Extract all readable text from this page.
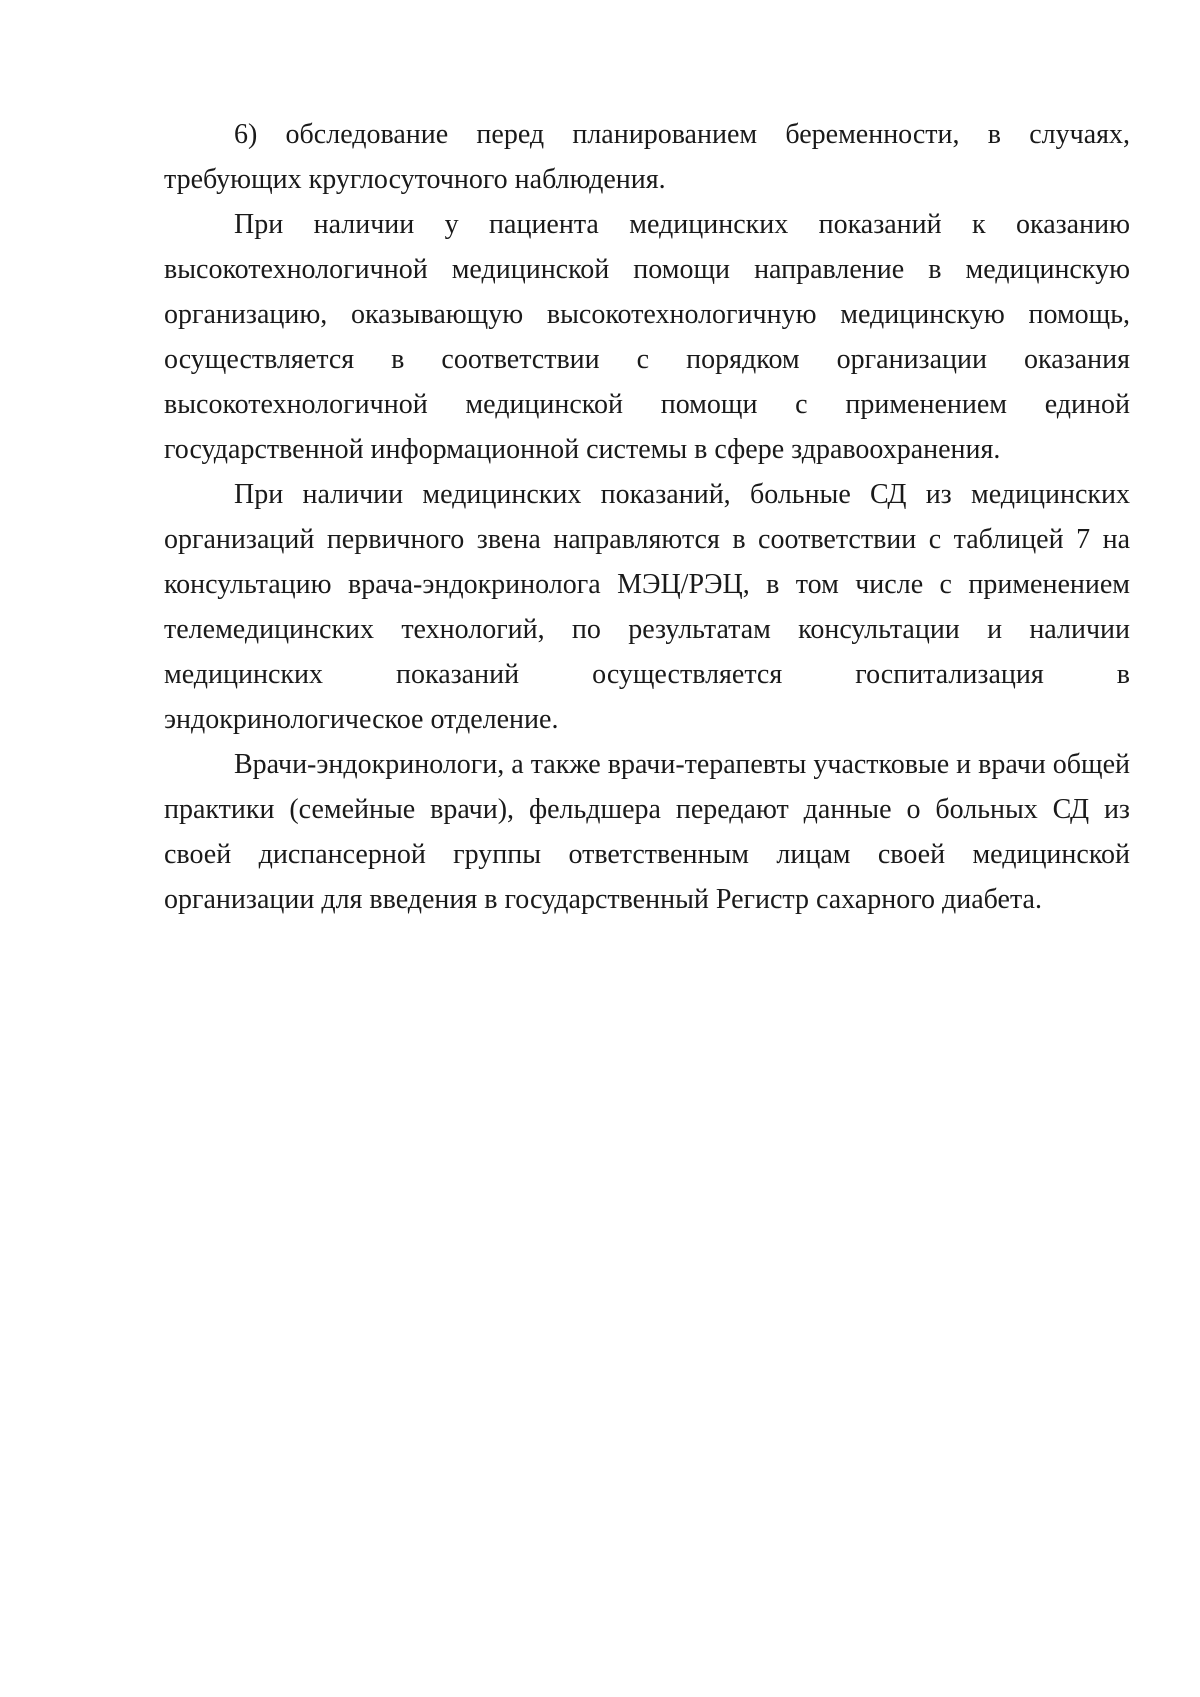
6) обследование перед планированием беременности, в случаях, требующих круглосуточного наблюдения.

При наличии у пациента медицинских показаний к оказанию высокотехнологичной медицинской помощи направление в медицинскую организацию, оказывающую высокотехнологичную медицинскую помощь, осуществляется в соответствии с порядком организации оказания высокотехнологичной медицинской помощи с применением единой государственной информационной системы в сфере здравоохранения.

При наличии медицинских показаний, больные СД из медицинских организаций первичного звена направляются в соответствии с таблицей 7 на консультацию врача-эндокринолога МЭЦ/РЭЦ, в том числе с применением телемедицинских технологий, по результатам консультации и наличии медицинских показаний осуществляется госпитализация в эндокринологическое отделение.

Врачи-эндокринологи, а также врачи-терапевты участковые и врачи общей практики (семейные врачи), фельдшера передают данные о больных СД из своей диспансерной группы ответственным лицам своей медицинской организации для введения в государственный Регистр сахарного диабета.
